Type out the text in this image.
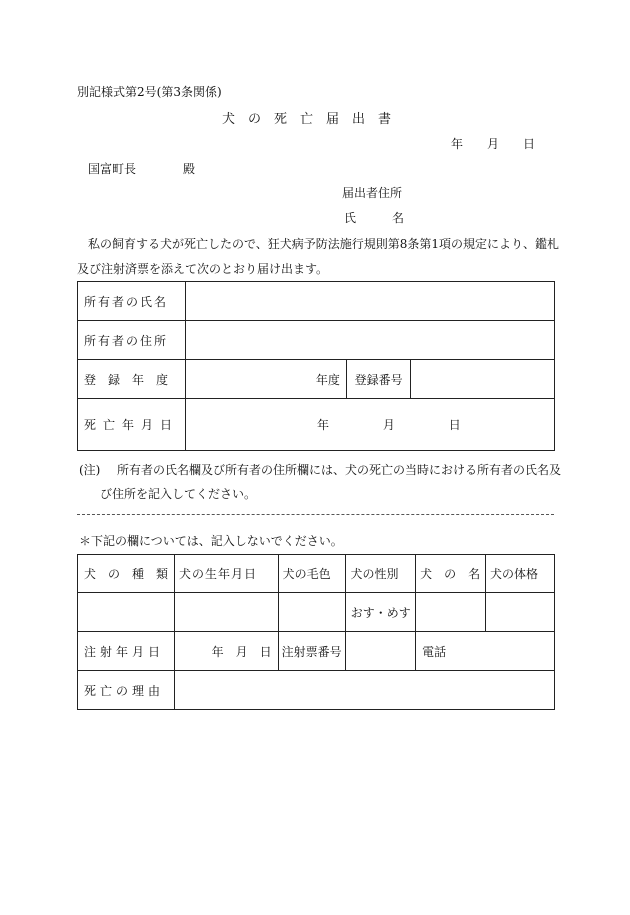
別記様式第2号(第3条関係)
犬　の　死　亡　届　出　書
年　　月　　日
国富町長	殿
届出者住所
氏　　　名
私の飼育する犬が死亡したので、狂犬病予防法施行規則第8条第1項の規定により、鑑札
及び注射済票を添えて次のとおり届け出ます。
所有者の氏名			
所有者の住所			
登　録　年　度	年度	登録番号	
死亡年月日	年 月 日		
(注) 所有者の氏名欄及び所有者の住所欄には、犬の死亡の当時における所有者の氏名及
び住所を記入してください。
＊下記の欄については、記入しないでください。
犬　の　種　類	犬の生年月日	犬の毛色	犬の性別	犬　の　名	犬の体格
			おす・めす		
注射年月日	年　月　日	注射票番号		電話	
死亡の理由					
